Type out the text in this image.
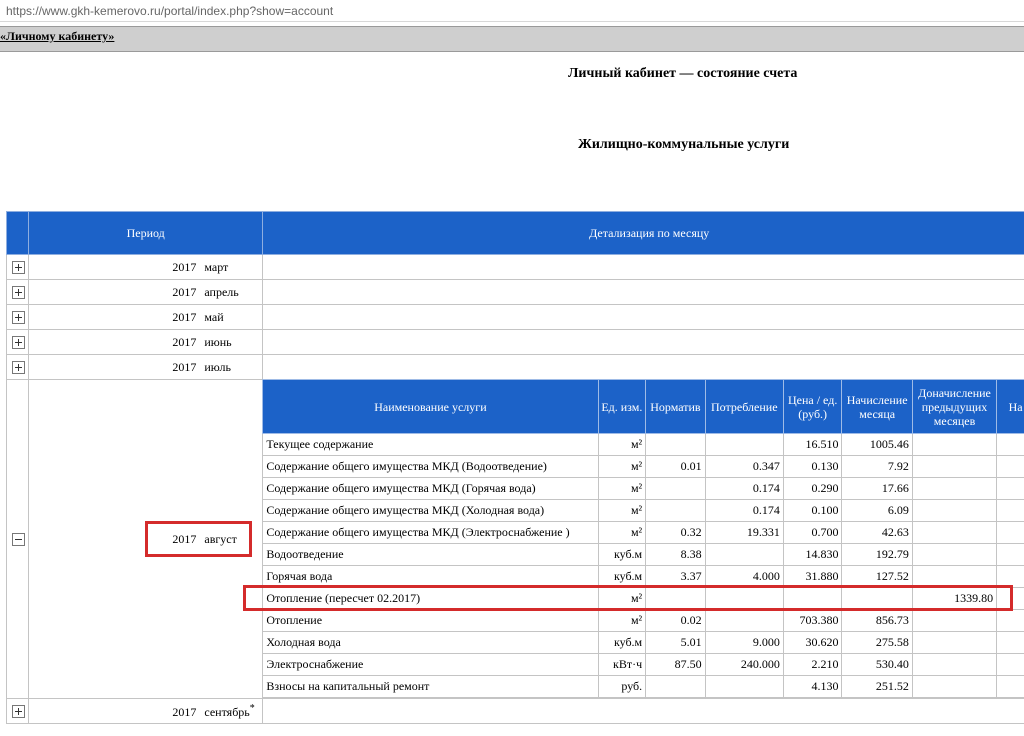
https://www.gkh-kemerovo.ru/portal/index.php?show=account
«Личному кабинету»
Личный кабинет — состояние счета
Жилищно-коммунальные услуги
	Период	Детализация по месяцу
	2017 март	
	2017 апрель	
	2017 май	
	2017 июнь	
	2017 июль	
	2017 август

Наименование услуги	Ед. изм.	Норматив	Потребление	Цена / ед. (руб.)	Начисление месяца	Доначисление предыдущих месяцев	На
Текущее содержание	м²			16.510	1005.46		
Содержание общего имущества МКД (Водоотведение)	м²	0.01	0.347	0.130	7.92		
Содержание общего имущества МКД (Горячая вода)	м²		0.174	0.290	17.66		
Содержание общего имущества МКД (Холодная вода)	м²		0.174	0.100	6.09		
Содержание общего имущества МКД (Электроснабжение )	м²	0.32	19.331	0.700	42.63		
Водоотведение	куб.м	8.38		14.830	192.79		
Горячая вода	куб.м	3.37	4.000	31.880	127.52		
Отопление (пересчет 02.2017)	м²					1339.80	
Отопление	м²	0.02		703.380	856.73		
Холодная вода	куб.м	5.01	9.000	30.620	275.58		
Электроснабжение	кВт·ч	87.50	240.000	2.210	530.40		
Взносы на капитальный ремонт	руб.			4.130	251.52		

	2017 сентябрь*	
